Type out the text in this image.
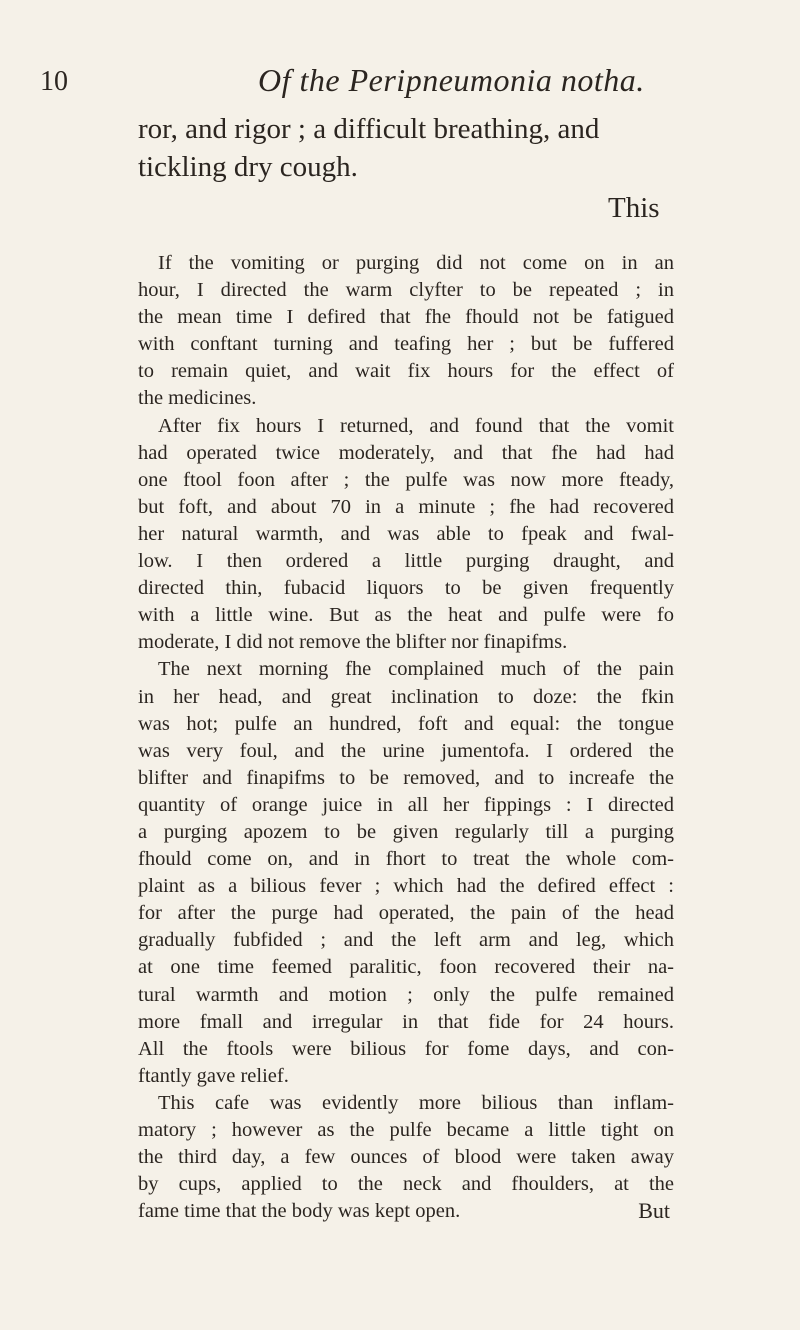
10	Of the Peripneumonia notha.
ror, and rigor ; a difficult breathing, and
tickling dry cough.
This
If the vomiting or purging did not come on in an
hour, I directed the warm clyfter to be repeated ; in
the mean time I defired that fhe fhould not be fatigued
with conftant turning and teafing her ; but be fuffered
to remain quiet, and wait fix hours for the effect of
the medicines.
After fix hours I returned, and found that the vomit
had operated twice moderately, and that fhe had had
one ftool foon after ; the pulfe was now more fteady,
but foft, and about 70 in a minute ; fhe had recovered
her natural warmth, and was able to fpeak and fwal-
low. I then ordered a little purging draught, and
directed thin, fubacid liquors to be given frequently
with a little wine. But as the heat and pulfe were fo
moderate, I did not remove the blifter nor finapifms.
The next morning fhe complained much of the pain
in her head, and great inclination to doze: the fkin
was hot; pulfe an hundred, foft and equal: the tongue
was very foul, and the urine jumentofa. I ordered the
blifter and finapifms to be removed, and to increafe the
quantity of orange juice in all her fippings : I directed
a purging apozem to be given regularly till a purging
fhould come on, and in fhort to treat the whole com-
plaint as a bilious fever ; which had the defired effect :
for after the purge had operated, the pain of the head
gradually fubfided ; and the left arm and leg, which
at one time feemed paralitic, foon recovered their na-
tural warmth and motion ; only the pulfe remained
more fmall and irregular in that fide for 24 hours.
All the ftools were bilious for fome days, and con-
ftantly gave relief.
This cafe was evidently more bilious than inflam-
matory ; however as the pulfe became a little tight on
the third day, a few ounces of blood were taken away
by cups, applied to the neck and fhoulders, at the
fame time that the body was kept open.	But
